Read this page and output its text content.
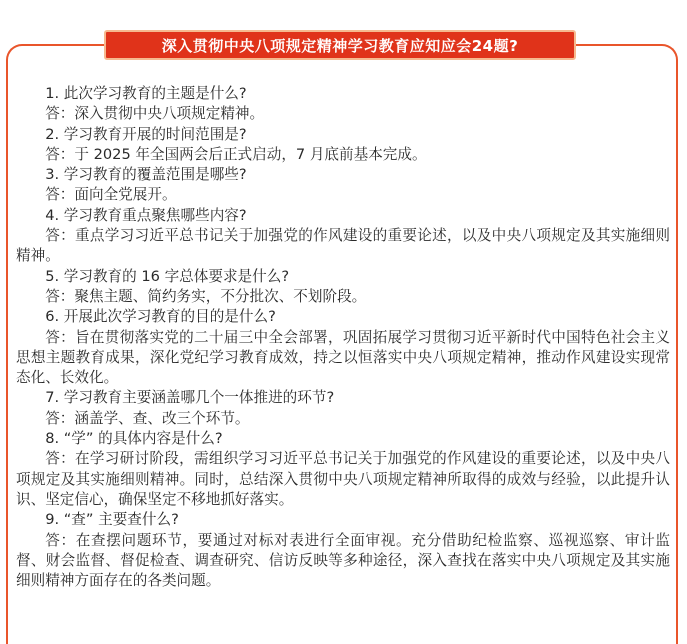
深入贯彻中央八项规定精神学习教育应知应会24题?

1. 此次学习教育的主题是什么?

答：深入贯彻中央八项规定精神。

2. 学习教育开展的时间范围是?

答：于 2025 年全国两会后正式启动，7 月底前基本完成。

3. 学习教育的覆盖范围是哪些?

答：面向全党展开。

4. 学习教育重点聚焦哪些内容?

答：重点学习习近平总书记关于加强党的作风建设的重要论述，以及中央八项规定及其实施细则精神。

5. 学习教育的 16 字总体要求是什么?

答：聚焦主题、简约务实，不分批次、不划阶段。

6. 开展此次学习教育的目的是什么?

答：旨在贯彻落实党的二十届三中全会部署，巩固拓展学习贯彻习近平新时代中国特色社会主义思想主题教育成果，深化党纪学习教育成效，持之以恒落实中央八项规定精神，推动作风建设实现常态化、长效化。

7. 学习教育主要涵盖哪几个一体推进的环节?

答：涵盖学、查、改三个环节。

8. “学” 的具体内容是什么?

答：在学习研讨阶段，需组织学习习近平总书记关于加强党的作风建设的重要论述，以及中央八项规定及其实施细则精神。同时，总结深入贯彻中央八项规定精神所取得的成效与经验，以此提升认识、坚定信心，确保坚定不移地抓好落实。

9. “查” 主要查什么?

答：在查摆问题环节，要通过对标对表进行全面审视。充分借助纪检监察、巡视巡察、审计监督、财会监督、督促检查、调查研究、信访反映等多种途径，深入查找在落实中央八项规定及其实施细则精神方面存在的各类问题。
